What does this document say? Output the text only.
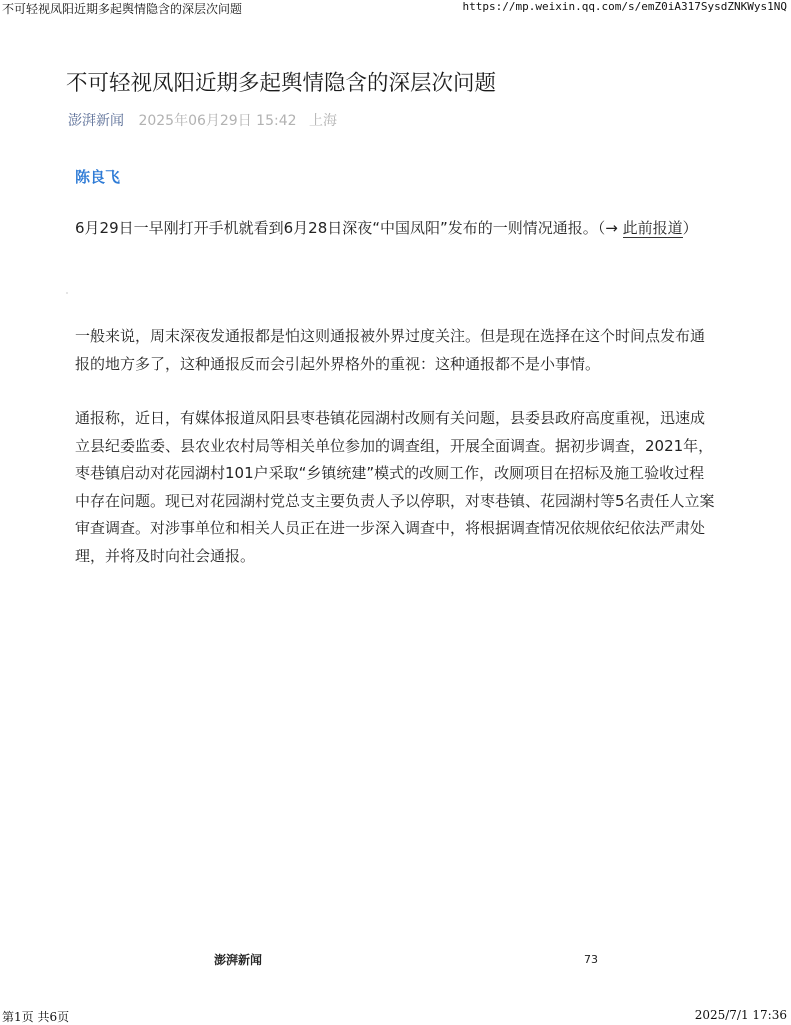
不可轻视凤阳近期多起舆情隐含的深层次问题	https://mp.weixin.qq.com/s/emZ0iA317SysdZNKWys1NQ
不可轻视凤阳近期多起舆情隐含的深层次问题
澎湃新闻 2025年06月29日 15:42 上海
陈良飞

6月29日一早刚打开手机就看到6月28日深夜“中国凤阳”发布的一则情况通报。（→ 此前报道）

一般来说，周末深夜发通报都是怕这则通报被外界过度关注。但是现在选择在这个时间点发布通报的地方多了，这种通报反而会引起外界格外的重视：这种通报都不是小事情。

通报称，近日，有媒体报道凤阳县枣巷镇花园湖村改厕有关问题，县委县政府高度重视，迅速成立县纪委监委、县农业农村局等相关单位参加的调查组，开展全面调查。据初步调查，2021年，枣巷镇启动对花园湖村101户采取“乡镇统建”模式的改厕工作，改厕项目在招标及施工验收过程中存在问题。现已对花园湖村党总支主要负责人予以停职，对枣巷镇、花园湖村等5名责任人立案审查调查。对涉事单位和相关人员正在进一步深入调查中，将根据调查情况依规依纪依法严肃处理，并将及时向社会通报。

澎湃新闻	73
第1页 共6页	2025/7/1 17:36
